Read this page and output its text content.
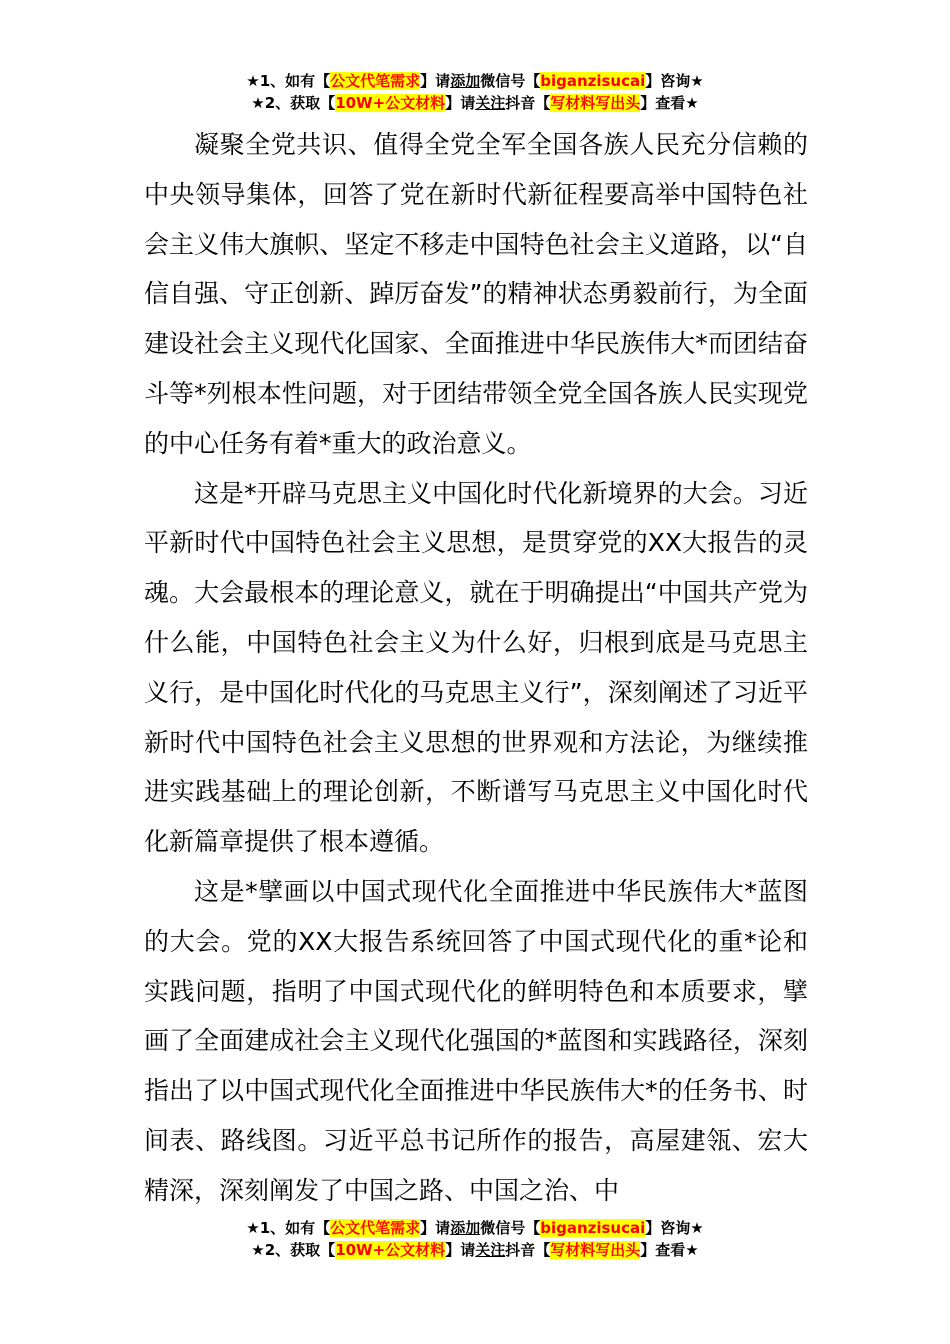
★1、如有【公文代笔需求】请添加微信号【biganzisucai】咨询★
★2、获取【10W+公文材料】请关注抖音【写材料写出头】查看★

凝聚全党共识、值得全党全军全国各族人民充分信赖的中央领导集体，回答了党在新时代新征程要高举中国特色社会主义伟大旗帜、坚定不移走中国特色社会主义道路，以“自信自强、守正创新、踔厉奋发”的精神状态勇毅前行，为全面建设社会主义现代化国家、全面推进中华民族伟大*而团结奋斗等*列根本性问题，对于团结带领全党全国各族人民实现党的中心任务有着*重大的政治意义。

这是*开辟马克思主义中国化时代化新境界的大会。习近平新时代中国特色社会主义思想，是贯穿党的XX大报告的灵魂。大会最根本的理论意义，就在于明确提出“中国共产党为什么能，中国特色社会主义为什么好，归根到底是马克思主义行，是中国化时代化的马克思主义行”，深刻阐述了习近平新时代中国特色社会主义思想的世界观和方法论，为继续推进实践基础上的理论创新，不断谱写马克思主义中国化时代化新篇章提供了根本遵循。

这是*擘画以中国式现代化全面推进中华民族伟大*蓝图的大会。党的XX大报告系统回答了中国式现代化的重*论和实践问题，指明了中国式现代化的鲜明特色和本质要求，擘画了全面建成社会主义现代化强国的*蓝图和实践路径，深刻指出了以中国式现代化全面推进中华民族伟大*的任务书、时间表、路线图。习近平总书记所作的报告，高屋建瓴、宏大精深，深刻阐发了中国之路、中国之治、中

★1、如有【公文代笔需求】请添加微信号【biganzisucai】咨询★
★2、获取【10W+公文材料】请关注抖音【写材料写出头】查看★
